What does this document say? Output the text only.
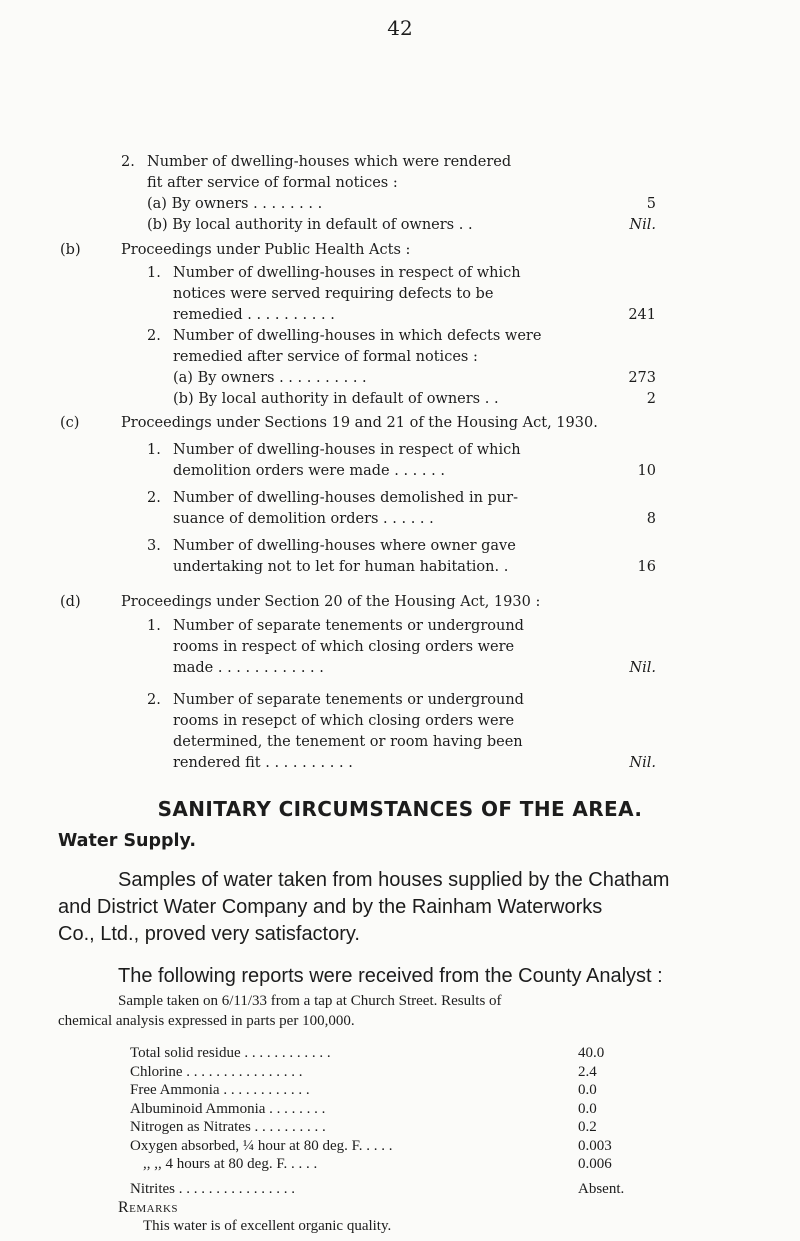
42
2. Number of dwelling-houses which were rendered
fit after service of formal notices :
(a) By owners . . . . . . . .	5
(b) By local authority in default of owners . .	Nil.
(b)	Proceedings under Public Health Acts :
1. Number of dwelling-houses in respect of which
notices were served requiring defects to be
remedied . . . . . . . . . .	241
2. Number of dwelling-houses in which defects were
remedied after service of formal notices :
(a) By owners . . . . . . . . . .	273
(b) By local authority in default of owners . .	2
(c)	Proceedings under Sections 19 and 21 of the Housing Act, 1930.
1. Number of dwelling-houses in respect of which
demolition orders were made . . . . . .	10
2. Number of dwelling-houses demolished in pur-
suance of demolition orders . . . . . .	8
3. Number of dwelling-houses where owner gave
undertaking not to let for human habitation. .	16
(d)	Proceedings under Section 20 of the Housing Act, 1930 :
1. Number of separate tenements or underground
rooms in respect of which closing orders were
made . . . . . . . . . . . .	Nil.
2. Number of separate tenements or underground
rooms in resepct of which closing orders were
determined, the tenement or room having been
rendered fit . . . . . . . . . .	Nil.
SANITARY CIRCUMSTANCES OF THE AREA.
Water Supply.
Samples of water taken from houses supplied by the Chatham
and District Water Company and by the Rainham Waterworks
Co., Ltd., proved very satisfactory.
The following reports were received from the County Analyst :
Sample taken on 6/11/33 from a tap at Church Street. Results of
chemical analysis expressed in parts per 100,000.
Total solid residue . . . . . . . . . . . .	40.0
Chlorine . . . . . . . . . . . . . . . .	2.4
Free Ammonia . . . . . . . . . . . .	0.0
Albuminoid Ammonia . . . . . . . .	0.0
Nitrogen as Nitrates . . . . . . . . . .	0.2
Oxygen absorbed, ¼ hour at 80 deg. F. . . . .	0.003
,, ,, 4 hours at 80 deg. F. . . . .	0.006
Nitrites . . . . . . . . . . . . . . . .	Absent.
Remarks
This water is of excellent organic quality.
